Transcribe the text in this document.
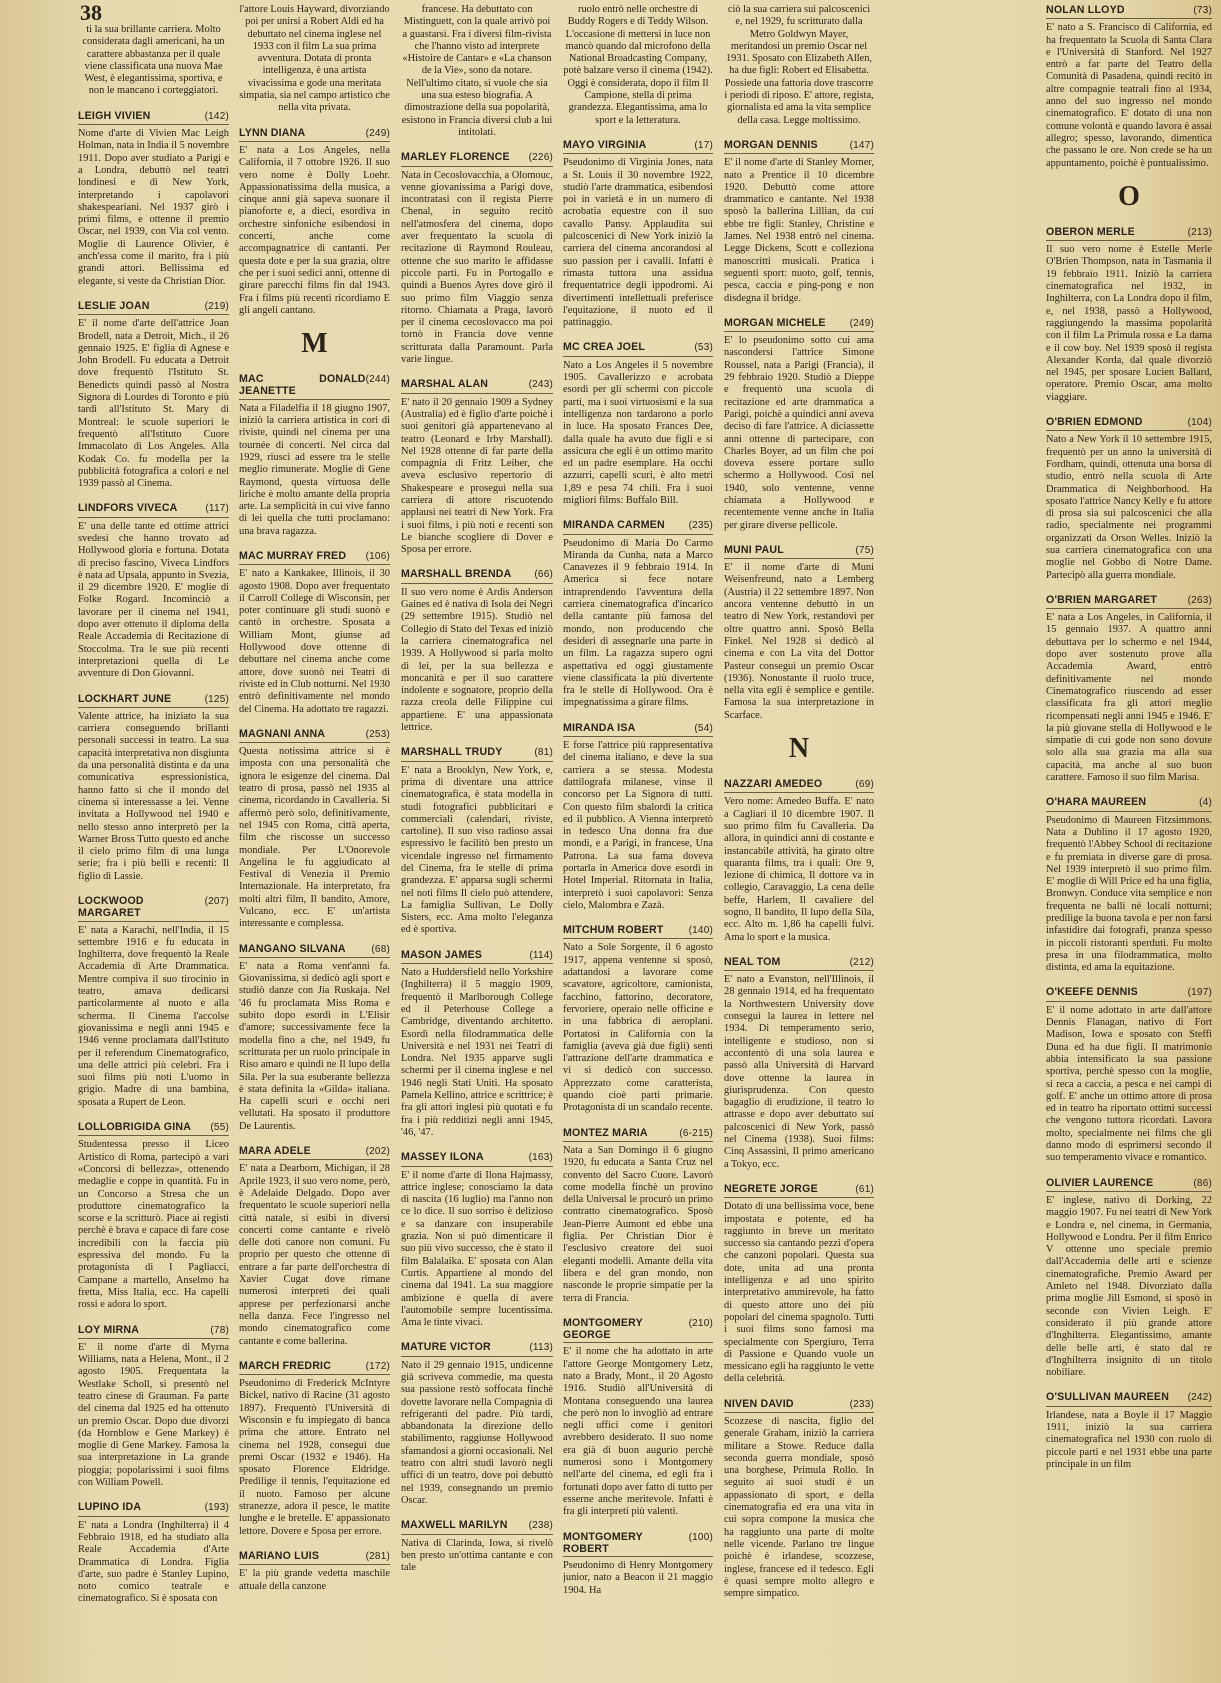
38
ti la sua brillante carriera. Molto considerata dagli americani, ha un carattere abbastanza per il quale viene classificata una nuova Mae West, è elegantissima, sportiva, e non le mancano i corteggiatori.
LEIGH VIVIEN	(142)
Nome d'arte di Vivien Mac Leigh Holman, nata in India il 5 novembre 1911. Dopo aver studiato a Parigi e a Londra, debuttò nel teatri londinesi e di New York, interpretando i capolavori shakespeariani. Nel 1937 girò i primi films, e ottenne il premio Oscar, nel 1939, con Via col vento. Moglie di Laurence Olivier, è anch'essa come il marito, fra i più grandi attori. Bellissima ed elegante, si veste da Christian Dior.
LESLIE JOAN	(219)
E' il nome d'arte dell'attrice Joan Brodell, nata a Detroit, Mich., il 26 gennaio 1925. E' figlia di Agnese e John Brodell. Fu educata a Detroit dove frequentò l'Istituto St. Benedicts quindi passò al Nostra Signora di Lourdes di Toronto e più tardi all'Istituto St. Mary di Montreal: le scuole superiori le frequentò all'Istituto Cuore Immacolato di Los Angeles. Alla Kodak Co. fu modella per la pubblicità fotografica a colori e nel 1939 passò al Cinema.
LINDFORS VIVECA	(117)
E' una delle tante ed ottime attrici svedesi che hanno trovato ad Hollywood gloria e fortuna. Dotata di preciso fascino, Viveca Lindfors è nata ad Upsala, appunto in Svezia, il 29 dicembre 1920. E' moglie di Folke Rogard. Incominciò a lavorare per il cinema nel 1941, dopo aver ottenuto il diploma della Reale Accademia di Recitazione di Stoccolma. Tra le sue più recenti interpretazioni quella di Le avventure di Don Giovanni.
LOCKHART JUNE	(125)
Valente attrice, ha iniziato la sua carriera conseguendo brillanti personali successi in teatro. La sua capacità interpretativa non disgiunta da una personalità distinta e da una comunicativa espressionistica, hanno fatto sì che il mondo del cinema si interessasse a lei. Venne invitata a Hollywood nel 1940 e nello stesso anno interpretò per la Warner Bross Tutto questo ed anche il cielo primo film di una lunga serie; fra i più belli e recenti: Il figlio di Lassie.
LOCKWOOD MARGARET
(207)
E' nata a Karachi, nell'India, il 15 settembre 1916 e fu educata in Inghilterra, dove frequentò la Reale Accademia di Arte Drammatica. Mentre compiva il suo tirocinio in teatro, amava dedicarsi particolarmente al nuoto e alla scherma. Il Cinema l'accolse giovanissima e negli anni 1945 e 1946 venne proclamata dall'Istituto per il referendum Cinematografico, una delle attrici più celebri. Fra i suoi films più noti L'uomo in grigio. Madre di una bambina, sposata a Rupert de Leon.
LOLLOBRIGIDA GINA (55)
Studentessa presso il Liceo Artistico di Roma, partecipò a vari «Concorsi di bellezza», ottenendo medaglie e coppe in quantità. Fu in un Concorso a Stresa che un produttore cinematografico la scorse e la scritturò. Piace ai registi perchè è brava e capace di fare cose incredibili con la faccia più espressiva del mondo. Fu la protagonista di I Pagliacci, Campane a martello, Anselmo ha fretta, Miss Italia, ecc. Ha capelli rossi e adora lo sport.
LOY MIRNA	(78)
E' il nome d'arte di Myrna Williams, nata a Helena, Mont., il 2 agosto 1905. Frequentata la Westlake Scholl, si presentò nel teatro cinese di Grauman. Fa parte del cinema dal 1925 ed ha ottenuto un premio Oscar. Dopo due divorzi (da Hornblow e Gene Markey) è moglie di Gene Markey. Famosa la sua interpretazione in La grande pioggia; popolarissimi i suoi films con William Powell.
LUPINO IDA	(193)
E' nata a Londra (Inghilterra) il 4 Febbraio 1918, ed ha studiato alla Reale Accademia d'Arte Drammatica di Londra. Figlia d'arte, suo padre è Stanley Lupino, noto comico teatrale e cinematografico. Si è sposata con
l'attore Louis Hayward, divorziando poi per unirsi a Robert Aldi ed ha debuttato nel cinema inglese nel 1933 con il film La sua prima avventura. Dotata di pronta intelligenza, è una artista vivacissima e gode una meritata simpatia, sia nel campo artistico che nella vita privata.
LYNN DIANA	(249)
E' nata a Los Angeles, nella California, il 7 ottobre 1926. Il suo vero nome è Dolly Loehr. Appassionatissima della musica, a cinque anni già sapeva suonare il pianoforte e, a dieci, esordiva in orchestre sinfoniche esibendosi in concerti, anche come accompagnatrice di cantanti. Per questa dote e per la sua grazia, oltre che per i suoi sedici anni, ottenne di girare parecchi films fin dal 1943. Fra i films più recenti ricordiamo E gli angeli cantano.
M
MAC DONALD JEANETTE
(244)
Nata a Filadelfia il 18 giugno 1907, iniziò la carriera artistica in cori di riviste, quindi nel cinema per una tournée di concerti. Nel circa dal 1929, riuscì ad essere tra le stelle meglio rimunerate. Moglie di Gene Raymond, questa virtuosa delle liriche è molto amante della propria arte. La semplicità in cui vive fanno di lei quella che tutti proclamano: una brava ragazza.
MAC MURRAY FRED (106)
E' nato a Kankakee, Illinois, il 30 agosto 1908. Dopo aver frequentato il Carroll College di Wisconsin, per poter continuare gli studi suonò e cantò in orchestre. Sposata a William Mont, giunse ad Hollywood dove ottenne di debuttare nel cinema anche come attore, dove suonò nei Teatri di riviste ed in Club notturni. Nel 1930 entrò definitivamente nel mondo del Cinema. Ha adottato tre ragazzi.
MAGNANI ANNA	(253)
Questa notissima attrice si è imposta con una personalità che ignora le esigenze del cinema. Dal teatro di prosa, passò nel 1935 al cinema, ricordando in Cavalleria. Si affermò però solo, definitivamente, nel 1945 con Roma, città aperta, film che riscosse un successo mondiale. Per L'Onorevole Angelina le fu aggiudicato al Festival di Venezia il Premio Internazionale. Ha interpretato, fra molti altri film, Il bandito, Amore, Vulcano, ecc. E' un'artista interessante e complessa.
MANGANO SILVANA	(68)
E' nata a Roma vent'anni fa. Giovanissima, si dedicò agli sport e studiò danze con Jia Ruskaja. Nel '46 fu proclamata Miss Roma e subito dopo esordì in L'Elisir d'amore; successivamente fece la modella fino a che, nel 1949, fu scritturata per un ruolo principale in Riso amaro e quindi ne Il lupo della Sila. Per la sua esuberante bellezza è stata definita la «Gilda» italiana. Ha capelli scuri e occhi neri vellutati. Ha sposato il produttore De Laurentis.
MARA ADELE	(202)
E' nata a Dearborn, Michigan, il 28 Aprile 1923, il suo vero nome, però, è Adelaide Delgado. Dopo aver frequentato le scuole superiori nella città natale, si esibì in diversi concerti come cantante e rivelò delle doti canore non comuni. Fu proprio per questo che ottenne di entrare a far parte dell'orchestra di Xavier Cugat dove rimane numerosi interpreti dei quali apprese per perfezionarsi anche nella danza. Fece l'ingresso nel mondo cinematografico come cantante e come ballerina.
MARCH FREDRIC	(172)
Pseudonimo di Frederick McIntyre Bickel, nativo di Racine (31 agosto 1897). Frequentò l'Università di Wisconsin e fu impiegato di banca prima che attore. Entrato nel cinema nel 1928, conseguì due premi Oscar (1932 e 1946). Ha sposato Florence Eldridge. Predilige il tennis, l'equitazione ed il nuoto. Famoso per alcune stranezze, adora il pesce, le matite lunghe e le bretelle. E' appassionato lettore. Dovere e Sposa per errore.
MARIANO LUIS	(281)
E' la più grande vedetta maschile attuale della canzone
francese. Ha debuttato con Mistinguett, con la quale arrivò poi a guastarsi. Fra i diversi film-rivista che l'hanno visto ad interprete «Histoire de Cantar» e «La chanson de la Vie», sono da notare. Nell'ultimo citato, si vuole che sia una sua esteso biografia. A dimostrazione della sua popolarità, esistono in Francia diversi club a lui intitolati.
MARLEY FLORENCE (226)
Nata in Cecoslovacchia, a Olomouc, venne giovanissima a Parigi dove, incontratasi con il regista Pierre Chenal, in seguito recitò nell'atmosfera del cinema, dopo aver frequentato la scuola di recitazione di Raymond Rouleau, ottenne che suo marito le affidasse piccole parti. Fu in Portogallo e quindi a Buenos Ayres dove girò il suo primo film Viaggio senza ritorno. Chiamata a Praga, lavorò per il cinema cecoslovacco ma poi tornò in Francia dove venne scritturata dalla Paramount. Parla varie lingue.
MARSHAL ALAN	(243)
E' nato il 20 gennaio 1909 a Sydney (Australia) ed è figlio d'arte poichè i suoi genitori già appartenevano al teatro (Leonard e Irby Marshall). Nel 1928 ottenne di far parte della compagnia di Fritz Leiber, che aveva esclusivo repertorio di Shakespeare e proseguì nella sua carriera di attore riscuotendo applausi nei teatri di New York. Fra i suoi films, i più noti e recenti son Le bianche scogliere di Dover e Sposa per errore.
MARSHALL BRENDA (66)
Il suo vero nome è Ardis Anderson Gaines ed è nativa di Isola dei Negri (29 settembre 1915). Studiò nel Collegio di Stato del Texas ed iniziò la carriera cinematografica nel 1939. A Hollywood si parla molto di lei, per la sua bellezza e moncanità e per il suo carattere indolente e sognatore, proprio della razza creola delle Filippine cui appartiene. E' una appassionata lettrice.
MARSHALL TRUDY	(81)
E' nata a Brooklyn, New York, e, prima di diventare una attrice cinematografica, è stata modella in studi fotografici pubblicitari e commerciali (calendari, riviste, cartoline). Il suo viso radioso assai espressivo le facilitò ben presto un vicendale ingresso nel firmamento del Cinema, fra le stelle di prima grandezza. E' apparsa sugli schermi nel noti films Il cielo può attendere, La famiglia Sullivan, Le Dolly Sisters, ecc. Ama molto l'eleganza ed è sportiva.
MASON JAMES	(114)
Nato a Huddersfield nello Yorkshire (Inghilterra) il 5 maggio 1909, frequentò il Marlborough College ed il Peterhouse College a Cambridge, diventando architetto. Esordì nella filodrammatica delle Università e nel 1931 nei Teatri di Londra. Nel 1935 apparve sugli schermi per il cinema inglese e nel 1946 negli Stati Uniti. Ha sposato Pamela Kellino, attrice e scrittrice; è fra gli attori inglesi più quotati e fu fra i più redditizi negli anni 1945, '46, '47.
MASSEY ILONA	(163)
E' il nome d'arte di Ilona Hajmassy, attrice inglese; conosciamo la data di nascita (16 luglio) ma l'anno non ce lo dice. Il suo sorriso è delizioso e sa danzare con insuperabile grazia. Non si può dimenticare il suo più vivo successo, che è stato il film Balalaika. E' sposata con Alan Curtis. Appartiene al mondo del cinema dal 1941. La sua maggiore ambizione è quella di avere l'automobile sempre lucentissima. Ama le tinte vivaci.
MATURE VICTOR	(113)
Nato il 29 gennaio 1915, undicenne già scriveva commedie, ma questa sua passione restò soffocata finchè dovette lavorare nella Compagnia di refrigeranti del padre. Più tardi, abbandonata la direzione dello stabilimento, raggiunse Hollywood sfamandosi a giorni occasionali. Nel teatro con altri studi lavorò negli uffici di un teatro, dove poi debuttò nel 1939, consegnando un premio Oscar.
MAXWELL MARILYN (238)
Nativa di Clarinda, Iowa, si rivelò ben presto un'ottima cantante e con tale
ruolo entrò nelle orchestre di Buddy Rogers e di Teddy Wilson. L'occasione di mettersi in luce non mancò quando dal microfono della National Broadcasting Company, potè balzare verso il cinema (1942). Oggi è considerata, dopo il film Il Campione, stella di prima grandezza. Elegantissima, ama lo sport e la letteratura.
MAYO VIRGINIA	(17)
Pseudonimo di Virginia Jones, nata a St. Louis il 30 novembre 1922, studiò l'arte drammatica, esibendosi poi in varietà e in un numero di acrobatia equestre con il suo cavallo Pansy. Applaudita sui palcoscenici di New York iniziò la carriera del cinema ancorandosi al suo passion per i cavalli. Infatti è rimasta tuttora una assidua frequentatrice degli ippodromi. Ai divertimenti intellettuali preferisce l'equitazione, il nuoto ed il pattinaggio.
MC CREA JOEL	(53)
Nato a Los Angeles il 5 novembre 1905. Cavallerizzo e acrobata esordì per gli schermi con piccole parti, ma i suoi virtuosismi e la sua intelligenza non tardarono a porlo in luce. Ha sposato Frances Dee, dalla quale ha avuto due figli e si assicura che egli è un ottimo marito ed un padre esemplare. Ha occhi azzurri, capelli scuri, è alto metri 1,89 e pesa 74 chili. Fra i suoi migliori films: Buffalo Bill.
MIRANDA CARMEN (235)
Pseudonimo di Maria Do Carmo Miranda da Cunha, nata a Marco Canavezes il 9 febbraio 1914. In America si fece notare intraprendendo l'avventura della carriera cinematografica d'incarico della cantante più famosa del mondo, non producendo che desideri di assegnarle una parte in un film. La ragazza supero ogni aspettativa ed oggi giustamente viene classificata la più divertente fra le stelle di Hollywood. Ora è impegnatissima a girare films.
MIRANDA ISA	(54)
E forse l'attrice più rappresentativa del cinema italiano, e deve la sua carriera a se stessa. Modesta dattilografa milanese, vinse il concorso per La Signora di tutti. Con questo film sbalordì la critica ed il pubblico. A Vienna interpretò in tedesco Una donna fra due mondi, e a Parigi, in francese, Una Patrona. La sua fama doveva portarla in America dove esordì in Hotel Imperial. Ritornata in Italia, interpretò i suoi capolavori: Senza cielo, Malombra e Zazà.
MITCHUM ROBERT	(140)
Nato a Sole Sorgente, il 6 agosto 1917, appena ventenne si sposò, adattandosi a lavorare come scavatore, agricoltore, camionista, facchino, fattorino, decoratore, fervoriere, operaio nelle officine e in una fabbrica di aeroplani. Portatosi in California con la famiglia (aveva già due figli) sentì l'attrazione dell'arte drammatica e vi si dedicò con successo. Apprezzato come caratterista, quando cioè parti primarie. Protagonista di un scandalo recente.
MONTEZ MARIA	(6-215)
Nata a San Domingo il 6 giugno 1920, fu educata a Santa Cruz nel convento del Sacro Cuore. Lavorò come modella finchè un provino della Universal le procurò un primo contratto cinematografico. Sposò Jean-Pierre Aumont ed ebbe una figlia. Per Christian Dior è l'esclusivo creatore dei suoi eleganti modelli. Amante della vita libera e del gran mondo, non nasconde le proprie simpatie per la terra di Francia.
MONTGOMERY GEORGE
(210)
E' il nome che ha adottato in arte l'attore George Montgomery Letz, nato a Brady, Mont., il 20 Agosto 1916. Studiò all'Università di Montana conseguendo una laurea che però non lo invogliò ad entrare negli uffici come i genitori avrebbero desiderato. Il suo nome era già di buon augurio perchè numerosi sono i Montgomery nell'arte del cinema, ed egli fra i fortunati dopo aver fatto di tutto per esserne anche meritevole. Infatti è fra gli interpreti più valenti.
MONTGOMERY ROBERT
(100)
Pseudonimo di Henry Montgomery junior, nato a Beacon il 21 maggio 1904. Ha
ciò la sua carriera sui palcoscenici e, nel 1929, fu scritturato dalla Metro Goldwyn Mayer, meritandosi un premio Oscar nel 1931. Sposato con Elizabeth Allen, ha due figli: Robert ed Elisabetta. Possiede una fattoria dove trascorre i periodi di riposo. E' attore, regista, giornalista ed ama la vita semplice della casa. Legge moltissimo.
MORGAN DENNIS	(147)
E' il nome d'arte di Stanley Morner, nato a Prentice il 10 dicembre 1920. Debuttò come attore drammatico e cantante. Nel 1938 sposò la ballerina Lillian, da cui ebbe tre figli: Stanley, Christine e James. Nel 1938 entrò nel cinema. Legge Dickens, Scott e colleziona manoscritti musicali. Pratica i seguenti sport: nuoto, golf, tennis, pesca, caccia e ping-pong e non disdegna il bridge.
MORGAN MICHELE (249)
E' lo pseudonimo sotto cui ama nascondersi l'attrice Simone Roussel, nata a Parigi (Francia), il 29 febbraio 1920. Studiò a Dieppe e frequentò una scuola di recitazione ed arte drammatica a Parigi, poichè a quindici anni aveva deciso di fare l'attrice. A diciassette anni ottenne di partecipare, con Charles Boyer, ad un film che poi doveva essere portare sullo schermo a Hollywood. Così nel 1940, solo ventenne, venne chiamata a Hollywood e recentemente venne anche in Italia per girare diverse pellicole.
MUNI PAUL	(75)
E' il nome d'arte di Muni Weisenfreund, nato a Lemberg (Austria) il 22 settembre 1897. Non ancora ventenne debuttò in un teatro di New York, restandovi per oltre quattro anni. Sposò Bella Finkel. Nel 1928 si dedicò al cinema e con La vita del Dottor Pasteur conseguì un premio Oscar (1936). Nonostante il ruolo truce, nella vita egli è semplice e gentile. Famosa la sua interpretazione in Scarface.
N
NAZZARI AMEDEO	(69)
Vero nome: Amedeo Buffa. E' nato a Cagliari il 10 dicembre 1907. Il suo primo film fu Cavalleria. Da allora, in quindici anni di costante e instancabile attività, ha girato oltre quaranta films, tra i quali: Ore 9, lezione di chimica, Il dottore va in collegio, Caravaggio, La cena delle beffe, Harlem, Il cavaliere del sogno, Il bandito, Il lupo della Sila, ecc. Alto m. 1,86 ha capelli fulvi. Ama lo sport e la musica.
NEAL TOM	(212)
E' nato a Evanston, nell'Illinois, il 28 gennaio 1914, ed ha frequentato la Northwestern University dove conseguì la laurea in lettere nel 1934. Di temperamento serio, intelligente e studioso, non si accontentò di una sola laurea e passò alla Università di Harvard dove ottenne la laurea in giurisprudenza. Con questo bagaglio di erudizione, il teatro lo attrasse e dopo aver debuttato sui palcoscenici di New York, passò nel Cinema (1938). Suoi films: Cinq Assassini, Il primo americano a Tokyo, ecc.
NEGRETE JORGE	(61)
Dotato di una bellissima voce, bene impostata e potente, ed ha raggiunto in breve un meritato successo sia cantando pezzi d'opera che canzoni popolari. Questa sua dote, unita ad una pronta intelligenza e ad uno spirito interpretativo ammirevole, ha fatto di questo attore uno dei più popolari del cinema spagnolo. Tutti i suoi films sono famosi ma specialmente con Spergiuro, Terra di Passione e Quando vuole un messicano egli ha raggiunto le vette della celebrità.
NIVEN DAVID	(233)
Scozzese di nascita, figlio del generale Graham, iniziò la carriera militare a Stowe. Reduce dalla seconda guerra mondiale, sposò una borghese, Primula Rollo. In seguito ai suoi studi è un appassionato di sport, e della cinematografia ed era una vita in cui sopra compone la musica che ha raggiunto una parte di molte nelle vicende. Parlano tre lingue poichè è irlandese, scozzese, inglese, francese ed il tedesco. Egli è quasi sempre molto allegro e sempre simpatico.
NOLAN LLOYD	(73)
E' nato a S. Francisco di California, ed ha frequentato la Scuola di Santa Clara e l'Università di Stanford. Nel 1927 entrò a far parte del Teatro della Comunità di Pasadena, quindi recitò in altre compagnie teatrali fino al 1934, anno del suo ingresso nel mondo cinematografico. E' dotato di una non comune volontà e quando lavora è assai allegro; spesso, lavorando, dimentica che passano le ore. Non crede se ha un appuntamento, poichè è puntualissimo.
O
OBERON MERLE	(213)
Il suo vero nome è Estelle Merle O'Brien Thompson, nata in Tasmania il 19 febbraio 1911. Iniziò la carriera cinematografica nel 1932, in Inghilterra, con La Londra dopo il film, e, nel 1938, passò a Hollywood, raggiungendo la massima popolarità con il film La Primula rossa e La dama e il cow boy. Nel 1939 sposò il regista Alexander Korda, dal quale divorziò nel 1945, per sposare Lucien Ballard, operatore. Premio Oscar, ama molto viaggiare.
O'BRIEN EDMOND	(104)
Nato a New York il 10 settembre 1915, frequentò per un anno la università di Fordham, quindi, ottenuta una borsa di studio, entrò nella scuola di Arte Drammatica di Neighborhood. Ha sposato l'attrice Nancy Kelly e fu attore di prosa sia sui palcoscenici che alla radio, specialmente nei programmi organizzati da Orson Welles. Iniziò la sua carriera cinematografica con una moglie nel Gobbo di Notre Dame. Partecipò alla guerra mondiale.
O'BRIEN MARGARET	(263)
E' nata a Los Angeles, in California, il 15 gennaio 1937. A quattro anni debuttava per lo schermo e nel 1944, dopo aver sostenuto prove alla Accademia Award, entrò definitivamente nel mondo Cinematografico riuscendo ad esser classificata fra gli attori meglio ricompensati negli anni 1945 e 1946. E' la più giovane stella di Hollywood e le simpatie di cui gode non sono dovute solo alla sua grazia ma alla sua capacità, ma anche al suo buon carattere. Famoso il suo film Marisa.
O'HARA MAUREEN	(4)
Pseudonimo di Maureen Fitzsimmons. Nata a Dublino il 17 agosto 1920, frequentò l'Abbey School di recitazione e fu premiata in diverse gare di prosa. Nel 1939 interpretò il suo primo film. E' moglie di Will Price ed ha una figlia, Bronwyn. Conduce vita semplice e non frequenta ne balli nè locali notturni; predilige la buona tavola e per non farsi infastidire dai fotografi, pranza spesso in piccoli ristoranti sperduti. Fu molto presa in una filodrammatica, molto distinta, ed ama la equitazione.
O'KEEFE DENNIS	(197)
E' il nome adottato in arte dall'attore Dennis Flanagan, nativo di Fort Madison, Iowa e sposato con Steffi Duna ed ha due figli. Il matrimonio abbia intensificato la sua passione sportiva, perchè spesso con la moglie, si reca a caccia, a pesca e nei campi di golf. E' anche un ottimo attore di prosa ed in teatro ha riportato ottimi successi che vengono tuttora ricordati. Lavora molto, specialmente nei films che gli danno modo di esprimersi secondo il suo temperamento vivace e romantico.
OLIVIER LAURENCE	(86)
E' inglese, nativo di Dorking, 22 maggio 1907. Fu nei teatri di New York e Londra e, nel cinema, in Germania, Hollywood e Londra. Per il film Enrico V ottenne uno speciale premio dall'Accademia delle arti e scienze cinematografiche. Premio Award per Amleto nel 1948. Divorziato dalla prima moglie Jill Esmond, si sposò in seconde con Vivien Leigh. E' considerato il più grande attore d'Inghilterra. Elegantissimo, amante delle belle arti, è stato dal re d'Inghilterra insignito di un titolo nobiliare.
O'SULLIVAN MAUREEN (242)
Irlandese, nata a Boyle il 17 Maggio 1911, iniziò la sua carriera cinematografica nel 1930 con ruolo di piccole parti e nel 1931 ebbe una parte principale in un film
